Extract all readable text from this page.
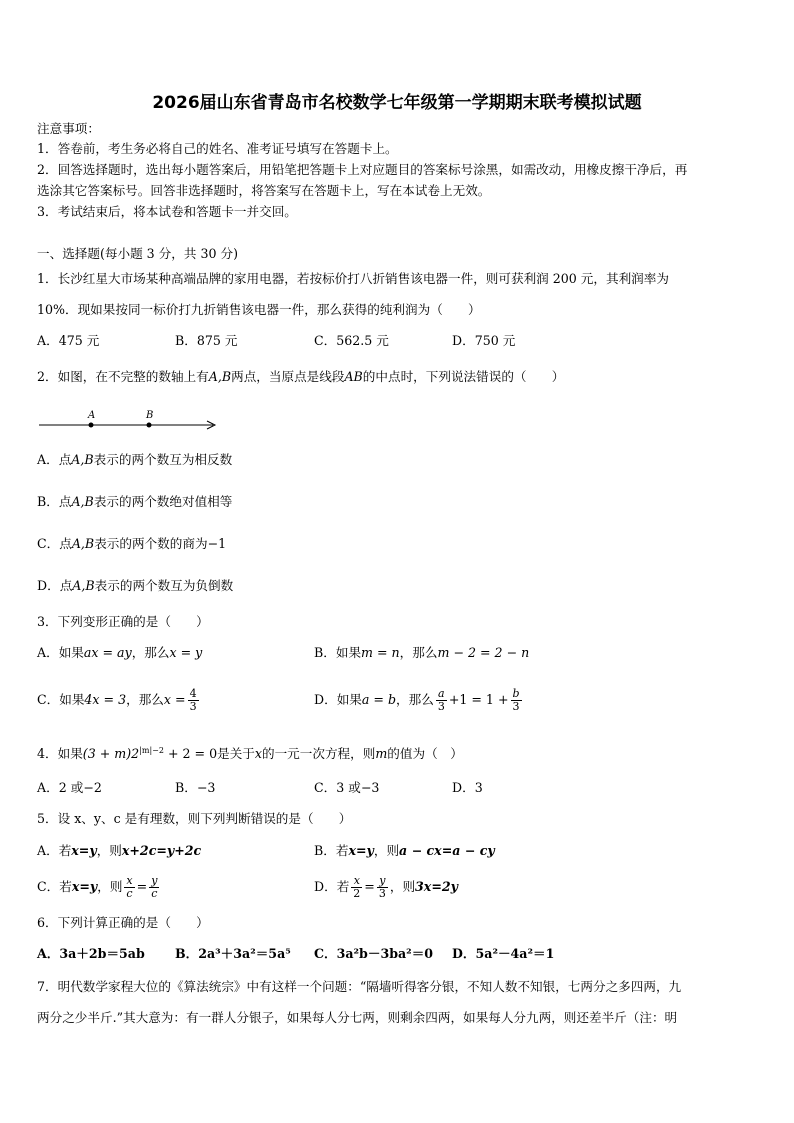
2026届山东省青岛市名校数学七年级第一学期期末联考模拟试题
注意事项：
1．答卷前，考生务必将自己的姓名、准考证号填写在答题卡上。
2．回答选择题时，选出每小题答案后，用铅笔把答题卡上对应题目的答案标号涂黑，如需改动，用橡皮擦干净后，再
选涂其它答案标号。回答非选择题时，将答案写在答题卡上，写在本试卷上无效。
3．考试结束后，将本试卷和答题卡一并交回。
一、选择题(每小题 3 分，共 30 分)
1．长沙红星大市场某种高端品牌的家用电器，若按标价打八折销售该电器一件，则可获利润 200 元，其利润率为
10%．现如果按同一标价打九折销售该电器一件，那么获得的纯利润为（　　）
A．475 元	B．875 元	C．562.5 元	D．750 元
2．如图，在不完整的数轴上有A,B两点，当原点是线段AB的中点时，下列说法错误的（　　）
A	B
A．点A,B表示的两个数互为相反数
B．点A,B表示的两个数绝对值相等
C．点A,B表示的两个数的商为−1
D．点A,B表示的两个数互为负倒数
3．下列变形正确的是（　　）
A．如果ax = ay，那么x = y	B．如果m = n，那么m − 2 = 2 − n
C．如果4x = 3，那么$x = \frac{4}{3}$	D．如果a = b，那么 $\frac{a}{3} +1 = 1 + \frac{b}{3}$
4．如果$(3 + m)2^{|m|-2} + 2 = 0$是关于x的一元一次方程，则m的值为（　）
A．2 或−2	B．−3	C．3 或−3	D．3
5．设 x、y、c 是有理数，则下列判断错误的是（　　）
A．若x=y，则x+2c=y+2c	B．若x=y，则a − cx=a − cy
C．若x=y，则 $\frac{x}{c} = \frac{y}{c}$	D．若 $\frac{x}{2} = \frac{y}{3}$ ，则3x=2y
6．下列计算正确的是（　　）
A．3a＋2b＝5ab B．2a³＋3a²＝5a⁵ C．3a²b－3ba²＝0 D．5a²－4a²＝1
7．明代数学家程大位的《算法统宗》中有这样一个问题：“隔墙听得客分银，不知人数不知银，七两分之多四两，九
两分之少半斤.”其大意为：有一群人分银子，如果每人分七两，则剩余四两，如果每人分九两，则还差半斤（注：明
